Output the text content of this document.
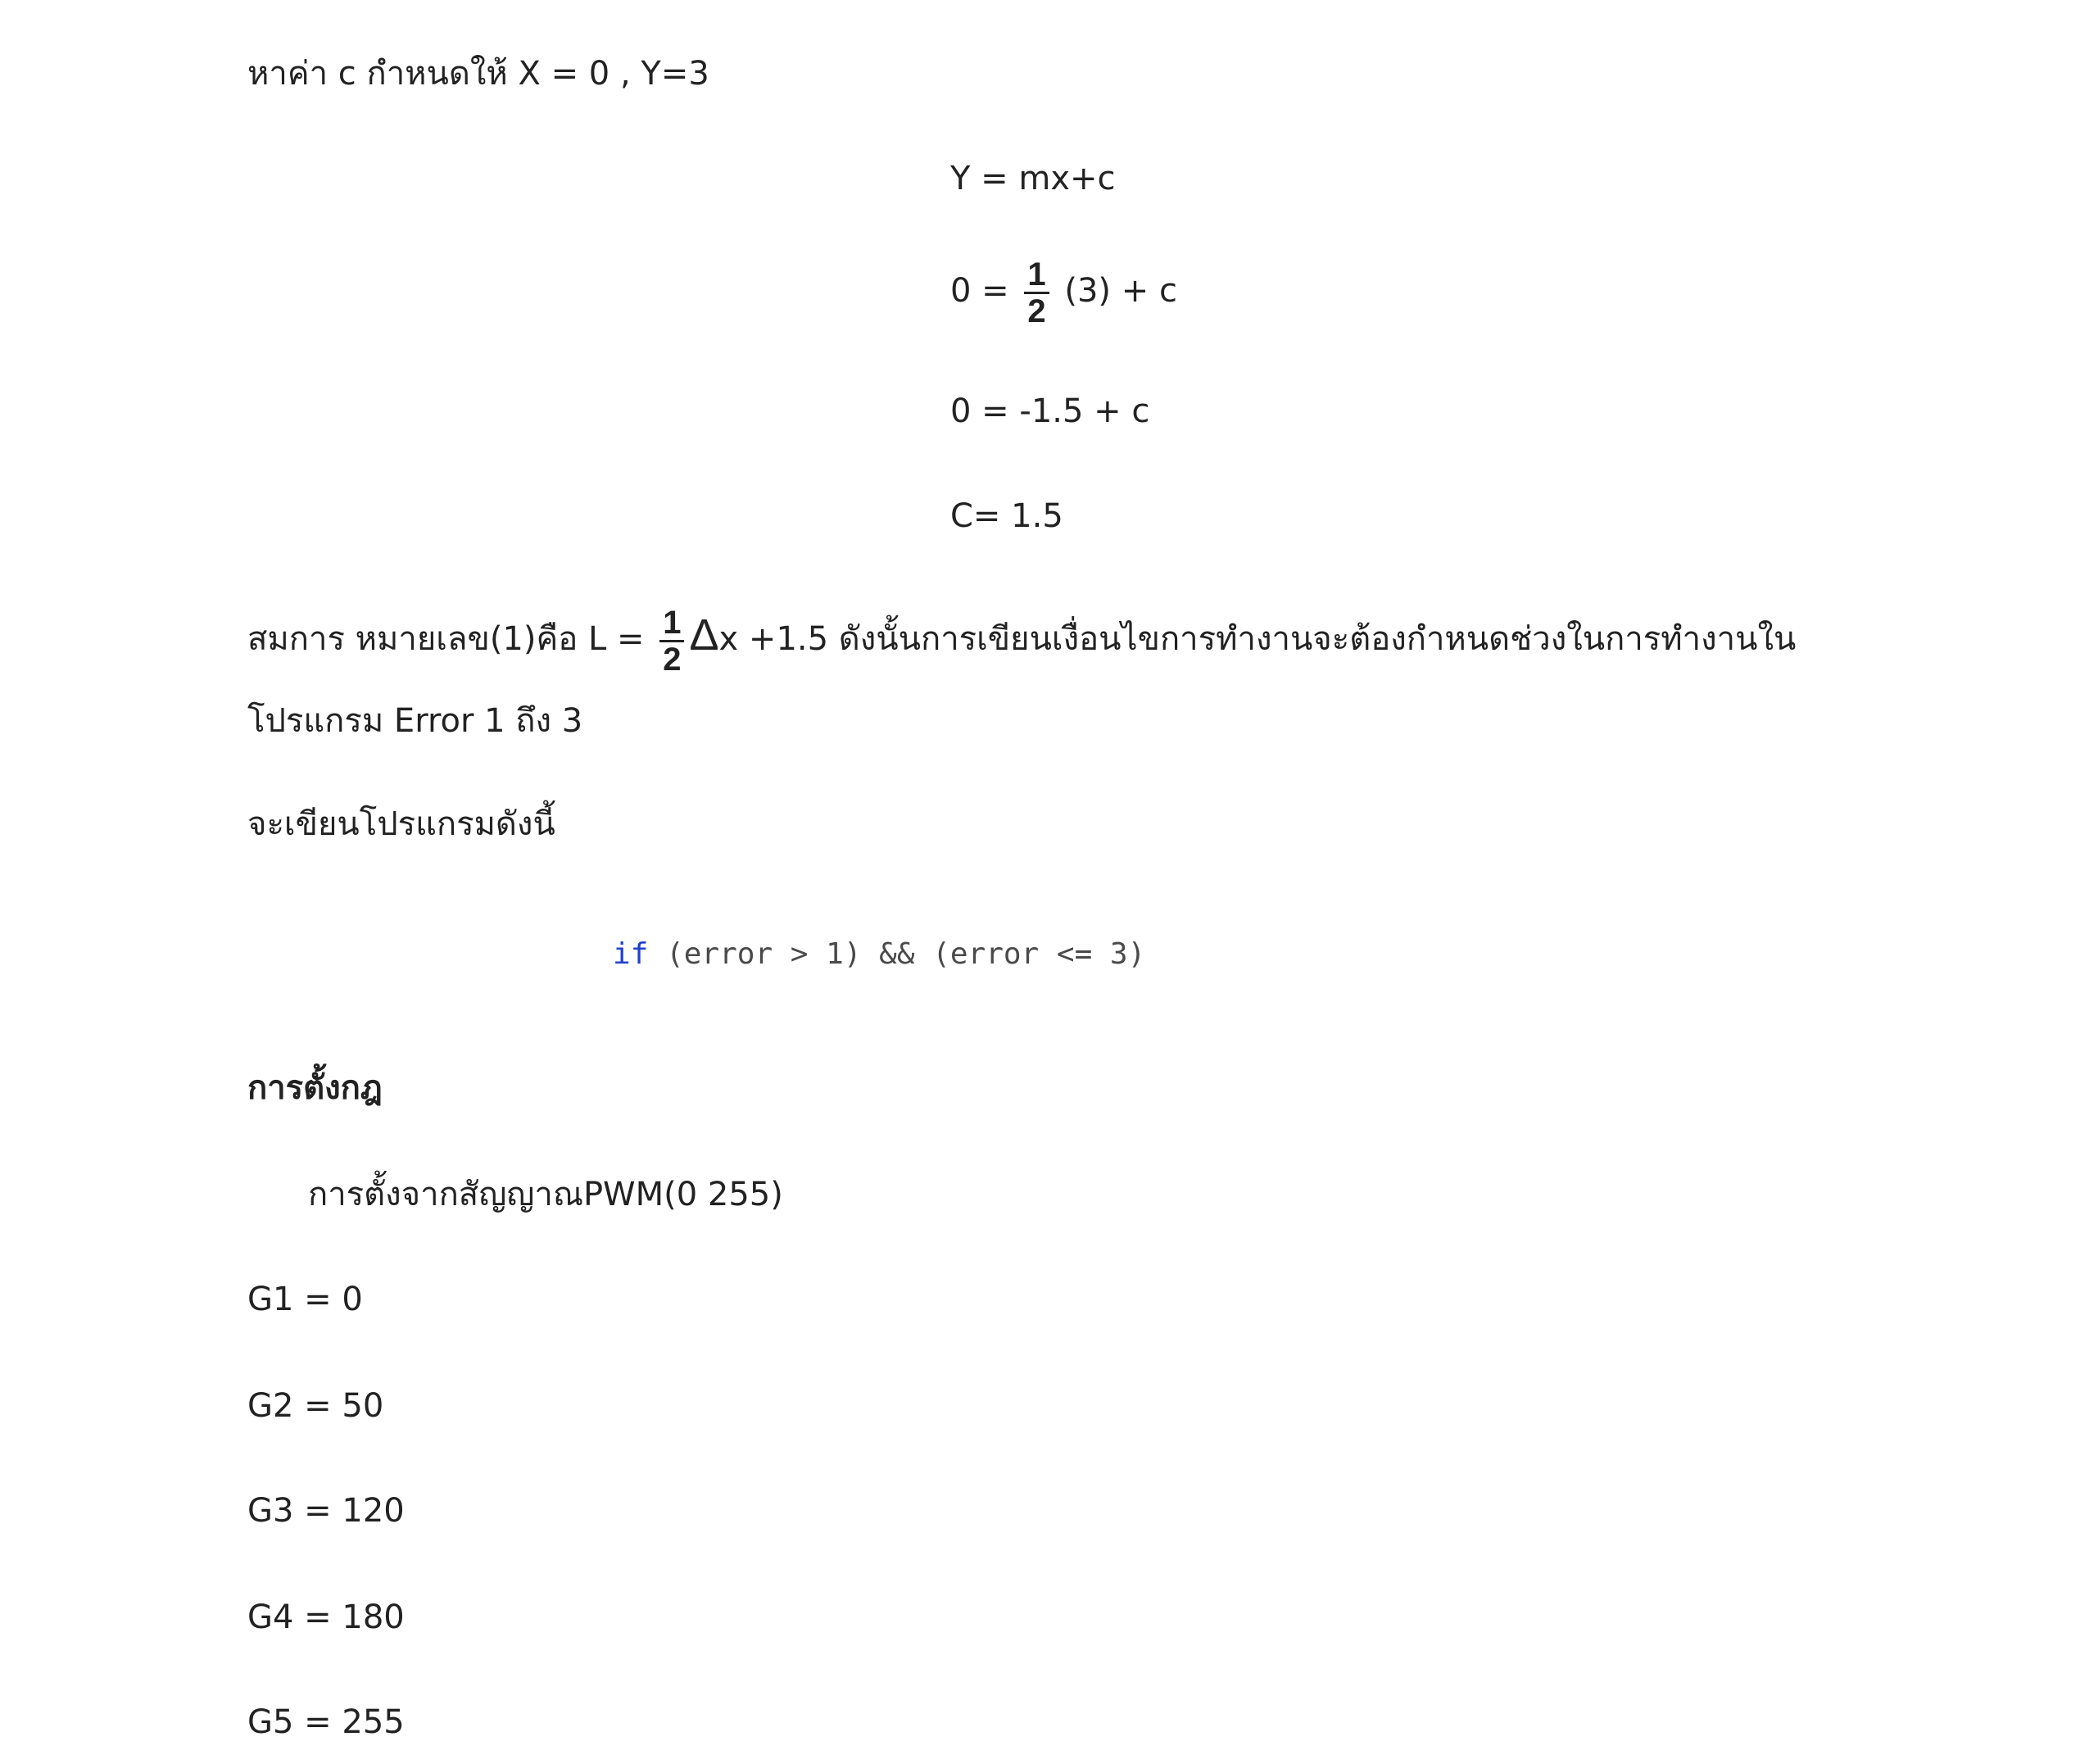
หาค่า c กำหนดให้ X = 0 , Y=3
Y = mx+c
$0 = \frac{1}{2} (3) + c$
0 = -1.5 + c
C= 1.5
สมการ หมายเลข(1)คือ $L = \frac{1}{2}$ Δx +1.5 ดังนั้นการเขียนเงื่อนไขการทำงานจะต้องกำหนดช่วงในการทำงานใน
โปรแกรม Error 1 ถึง 3
จะเขียนโปรแกรมดังนี้

if (error > 1) && (error <= 3)

การตั้งกฎ
การตั้งจากสัญญาณPWM(0 255)
G1 = 0
G2 = 50
G3 = 120
G4 = 180
G5 = 255
